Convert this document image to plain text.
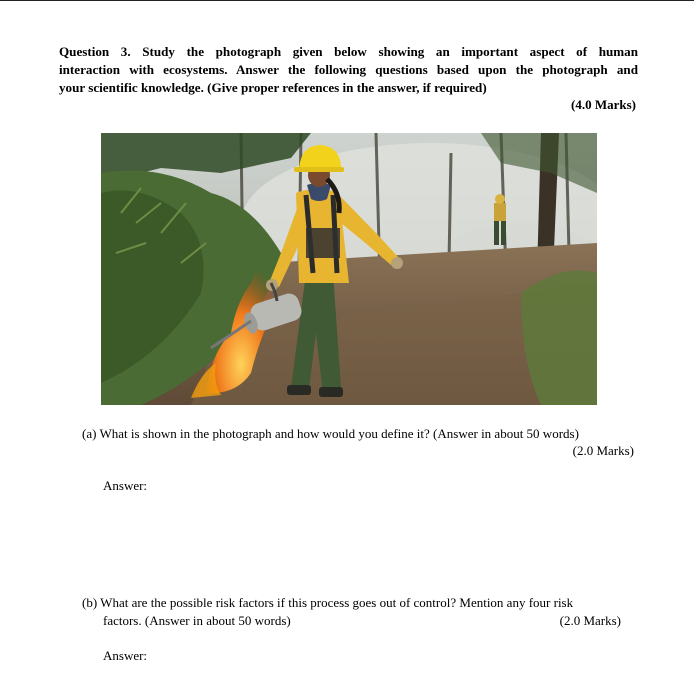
Question 3. Study the photograph given below showing an important aspect of human
interaction with ecosystems. Answer the following questions based upon the photograph and
your scientific knowledge. (Give proper references in the answer, if required)
(4.0 Marks)
(a) What is shown in the photograph and how would you define it? (Answer in about 50 words)
(2.0 Marks)
Answer:
(b) What are the possible risk factors if this process goes out of control? Mention any four risk
factors. (Answer in about 50 words)	(2.0 Marks)
Answer:
